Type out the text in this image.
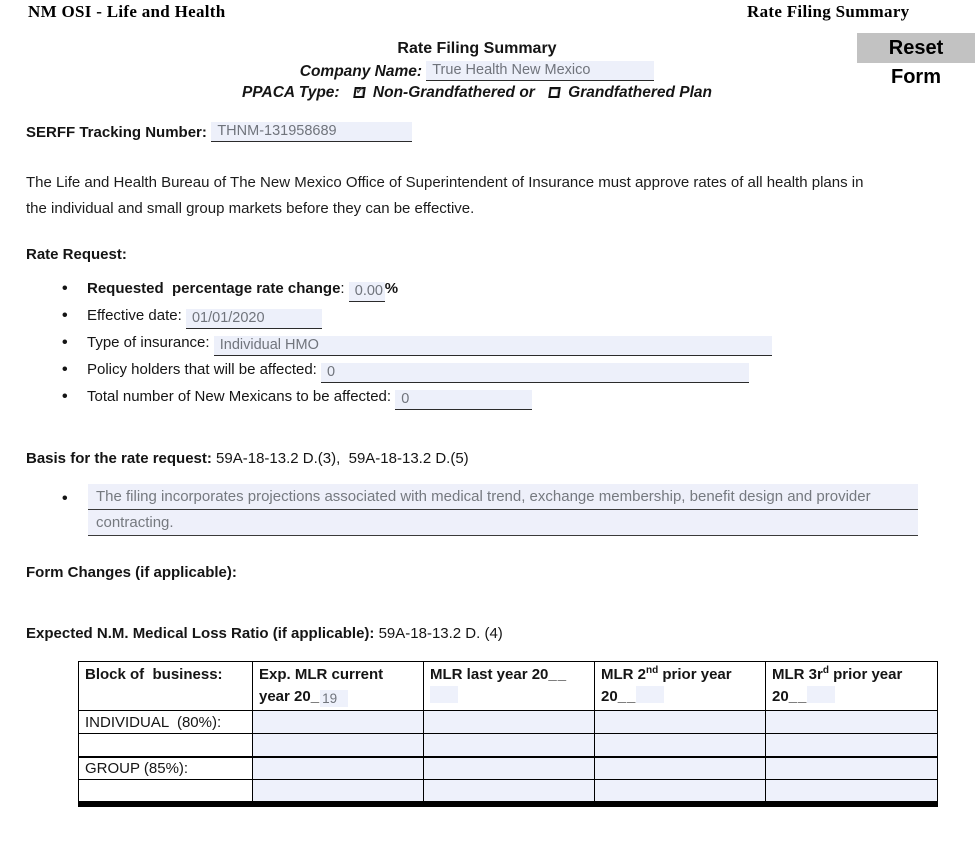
NM OSI - Life and Health	Rate Filing Summary
Reset Form
Rate Filing Summary
Company Name: True Health New Mexico
PPACA Type: ✓ Non-Grandfathered or Grandfathered Plan
SERFF Tracking Number: THNM-131958689
The Life and Health Bureau of The New Mexico Office of Superintendent of Insurance must approve rates of all health plans in the individual and small group markets before they can be effective.
Rate Request:
• Requested  percentage rate change: 0.00 %
• Effective date: 01/01/2020
• Type of insurance: Individual HMO
• Policy holders that will be affected: 0
• Total number of New Mexicans to be affected: 0
Basis for the rate request: 59A-18-13.2 D.(3),  59A-18-13.2 D.(5)
• The filing incorporates projections associated with medical trend, exchange membership, benefit design and provider
contracting.
Form Changes (if applicable):
Expected N.M. Medical Loss Ratio (if applicable): 59A-18-13.2 D. (4)
Block of  business:	Exp. MLR current year 20_ 19	MLR last year 20__	MLR 2nd prior year 20__	MLR $3r^d$ prior year 20__
INDIVIDUAL  (80%):	

GROUP (85%):	
